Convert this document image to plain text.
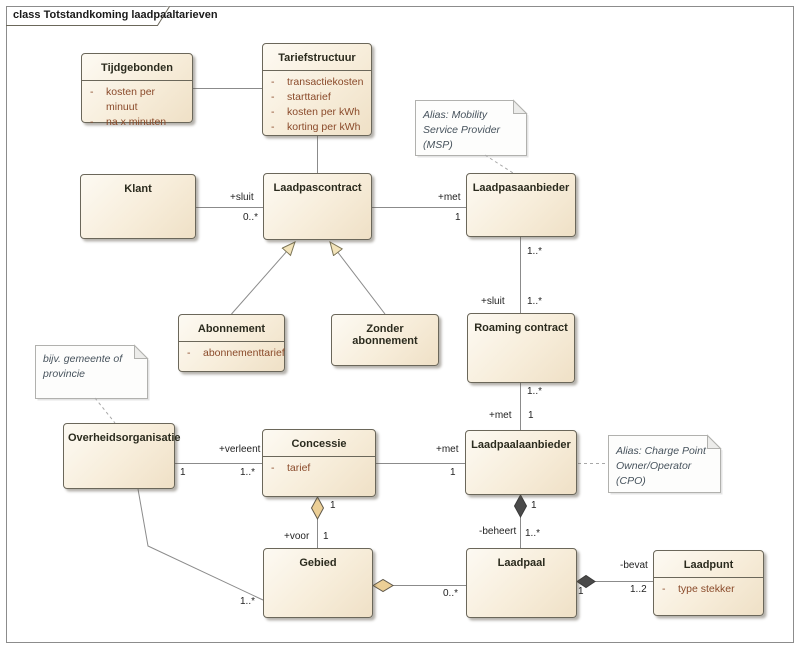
class Totstandkoming laadpaaltarieven
Tijdgebonden
-	kosten per minuut
-	na x minuten
Tariefstructuur
-	transactiekosten
-	starttarief
-	kosten per kWh
-	korting per kWh
Klant	Laadpascontract	Laadpasaanbieder
Abonnement
-	abonnementtarief
Zonder abonnement
Roaming contract
Overheidsorganisatie	Concessie
-	tarief
Laadpaalaanbieder
Gebied	Laadpaal	Laadpunt
-	type stekker
Alias: Mobility Service Provider (MSP)
bijv. gemeente of provincie
Alias: Charge Point Owner/Operator (CPO)
+sluit
0..*
+met
1
1..*
+sluit 1..*
1..*
+met 1
+verleent
1	1..*
+met
1
1
+voor 1
1..*
0..*
1
-beheert 1..*
1
-bevat
1..2
